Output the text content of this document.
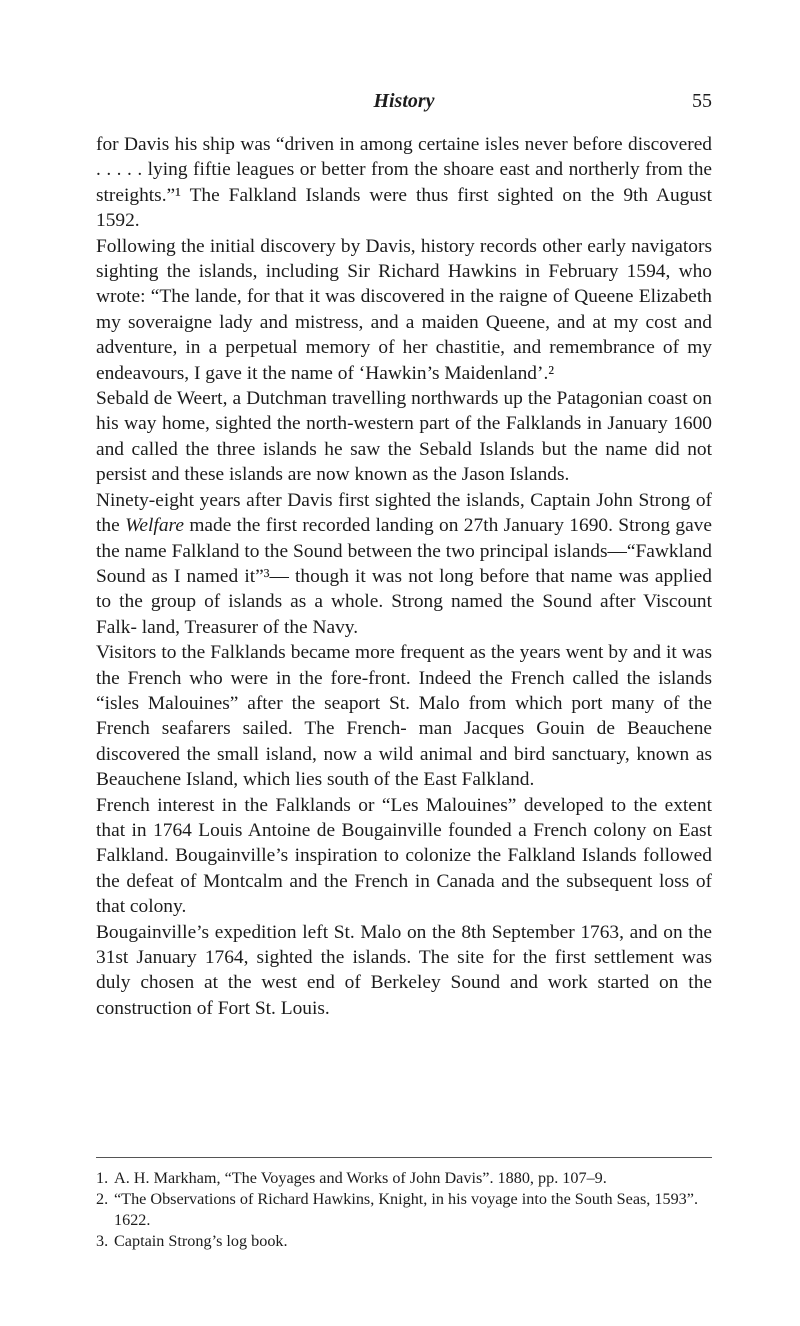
History	55

for Davis his ship was “driven in among certaine isles never before discovered . . . . . lying fiftie leagues or better from the shoare east and northerly from the streights.”¹ The Falkland Islands were thus first sighted on the 9th August 1592.

Following the initial discovery by Davis, history records other early navigators sighting the islands, including Sir Richard Hawkins in February 1594, who wrote: “The lande, for that it was discovered in the raigne of Queene Elizabeth my soveraigne lady and mistress, and a maiden Queene, and at my cost and adventure, in a perpetual memory of her chastitie, and remembrance of my endeavours, I gave it the name of ‘Hawkin’s Maidenland’.²

Sebald de Weert, a Dutchman travelling northwards up the Patagonian coast on his way home, sighted the north-western part of the Falklands in January 1600 and called the three islands he saw the Sebald Islands but the name did not persist and these islands are now known as the Jason Islands.

Ninety-eight years after Davis first sighted the islands, Captain John Strong of the Welfare made the first recorded landing on 27th January 1690. Strong gave the name Falkland to the Sound between the two principal islands—“Fawkland Sound as I named it”³— though it was not long before that name was applied to the group of islands as a whole. Strong named the Sound after Viscount Falk- land, Treasurer of the Navy.

Visitors to the Falklands became more frequent as the years went by and it was the French who were in the fore-front. Indeed the French called the islands “isles Malouines” after the seaport St. Malo from which port many of the French seafarers sailed. The French- man Jacques Gouin de Beauchene discovered the small island, now a wild animal and bird sanctuary, known as Beauchene Island, which lies south of the East Falkland.

French interest in the Falklands or “Les Malouines” developed to the extent that in 1764 Louis Antoine de Bougainville founded a French colony on East Falkland. Bougainville’s inspiration to colonize the Falkland Islands followed the defeat of Montcalm and the French in Canada and the subsequent loss of that colony.

Bougainville’s expedition left St. Malo on the 8th September 1763, and on the 31st January 1764, sighted the islands. The site for the first settlement was duly chosen at the west end of Berkeley Sound and work started on the construction of Fort St. Louis.

1. A. H. Markham, “The Voyages and Works of John Davis”. 1880, pp. 107–9.
2. “The Observations of Richard Hawkins, Knight, in his voyage into the South Seas, 1593”. 1622.
3. Captain Strong’s log book.
